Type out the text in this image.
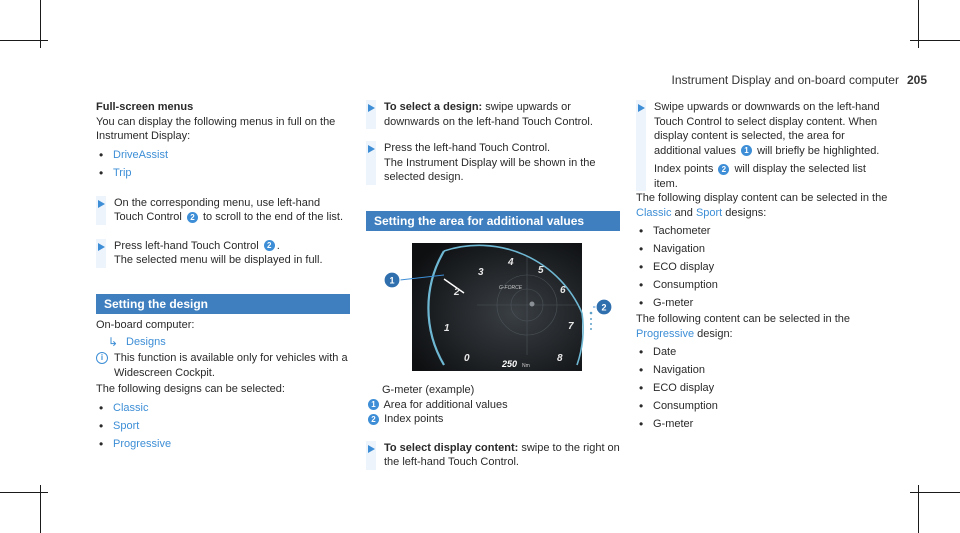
Instrument Display and on-board computer 205

Full-screen menus

You can display the following menus in full on the Instrument Display:

• DriveAssist
• Trip
On the corresponding menu, use left-hand Touch Control 2 to scroll to the end of the list.
Press left-hand Touch Control 2 .
The selected menu will be displayed in full.
Setting the design

On-board computer:

↳ Designs
i This function is available only for vehicles with a Widescreen Cockpit.

The following designs can be selected:

• Classic
• Sport
• Progressive
To select a design: swipe upwards or downwards on the left-hand Touch Control.
Press the left-hand Touch Control.
The Instrument Display will be shown in the selected design.
Setting the area for additional values
0
1
2
3
4
5
6
7
8
G-FORCE
250 Nm
1
2

G-meter (example)

1 Area for additional values
2 Index points
To select display content: swipe to the right on the left-hand Touch Control.
Swipe upwards or downwards on the left-hand Touch Control to select display content. When display content is selected, the area for additional values 1 will briefly be highlighted.
Index points 2 will display the selected list item.

The following display content can be selected in the Classic and Sport designs:

• Tachometer
• Navigation
• ECO display
• Consumption
• G-meter

The following content can be selected in the Progressive design:

• Date
• Navigation
• ECO display
• Consumption
• G-meter
